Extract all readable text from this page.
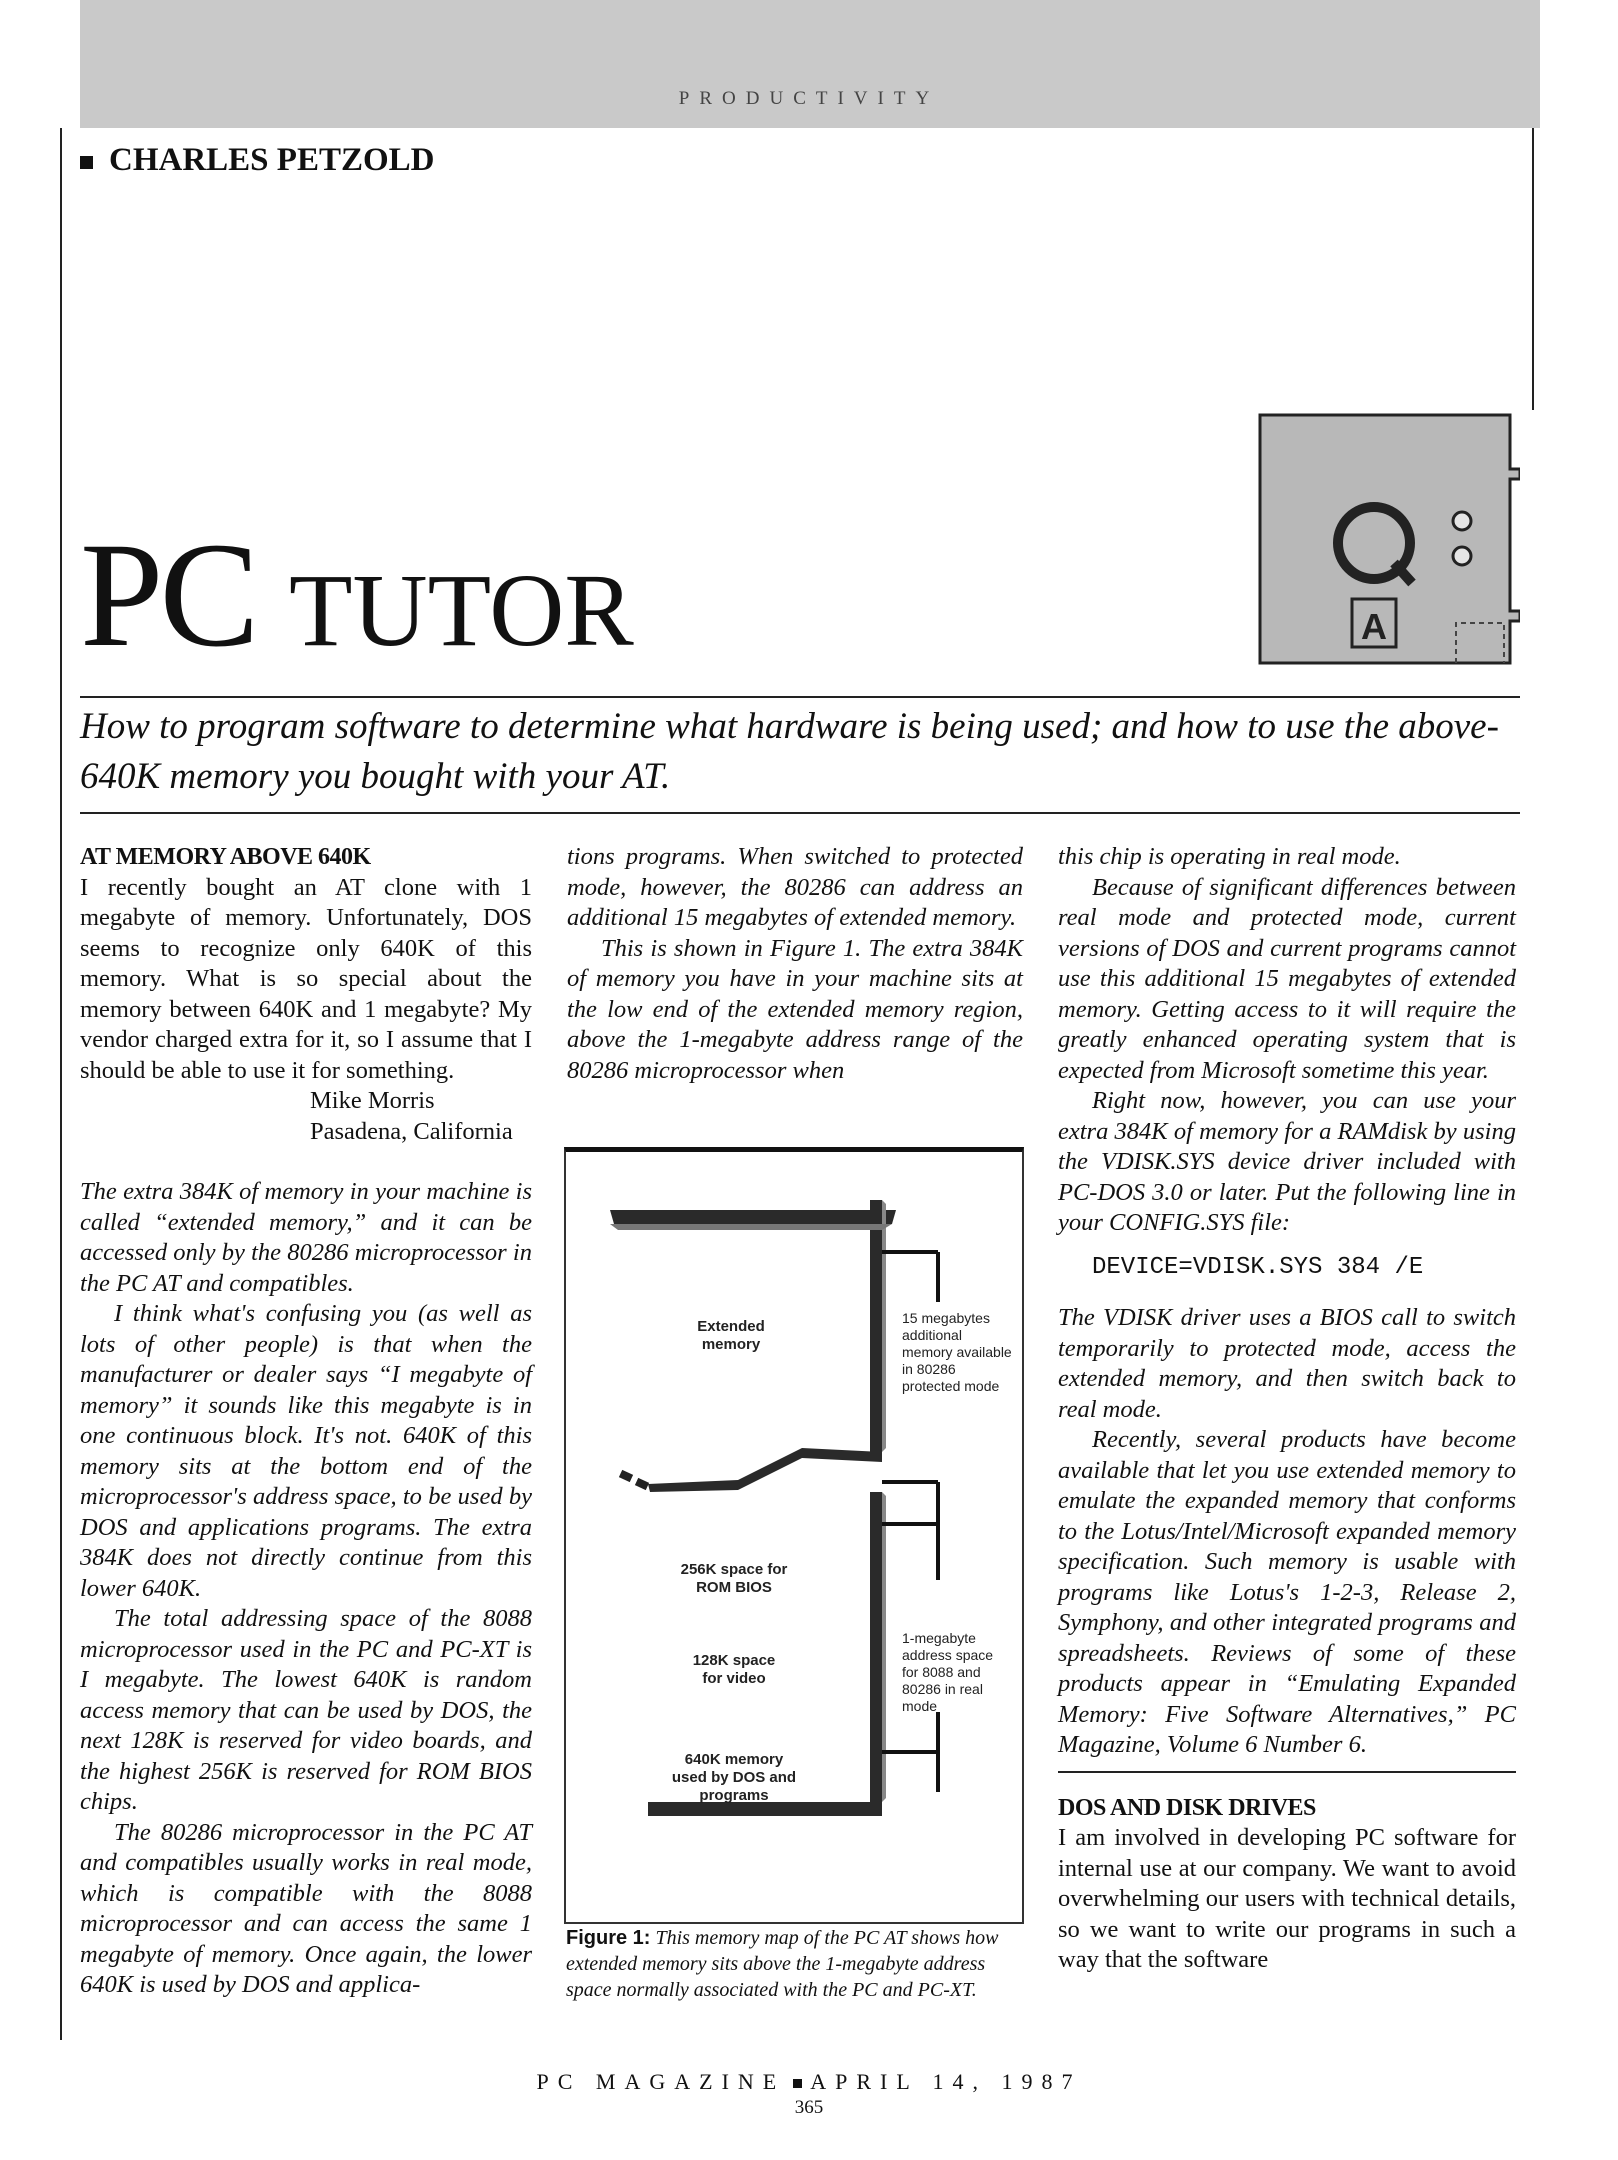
PRODUCTIVITY
CHARLES PETZOLD
PC TUTOR	A
How to program software to determine what hardware is being used; and how to use the above-640K memory you bought with your AT.

AT MEMORY ABOVE 640K

I recently bought an AT clone with 1 megabyte of memory. Unfortunately, DOS seems to recognize only 640K of this memory. What is so special about the memory between 640K and 1 megabyte? My vendor charged extra for it, so I assume that I should be able to use it for something.

Mike Morris

Pasadena, California

The extra 384K of memory in your machine is called “extended memory,” and it can be accessed only by the 80286 microprocessor in the PC AT and compatibles.

I think what's confusing you (as well as lots of other people) is that when the manufacturer or dealer says “I megabyte of memory” it sounds like this megabyte is in one continuous block. It's not. 640K of this memory sits at the bottom end of the microprocessor's address space, to be used by DOS and applications programs. The extra 384K does not directly continue from this lower 640K.

The total addressing space of the 8088 microprocessor used in the PC and PC-XT is I megabyte. The lowest 640K is random access memory that can be used by DOS, the next 128K is reserved for video boards, and the highest 256K is reserved for ROM BIOS chips.

The 80286 microprocessor in the PC AT and compatibles usually works in real mode, which is compatible with the 8088 microprocessor and can access the same 1 megabyte of memory. Once again, the lower 640K is used by DOS and applica-

tions programs. When switched to protected mode, however, the 80286 can address an additional 15 megabytes of extended memory.

This is shown in Figure 1. The extra 384K of memory you have in your machine sits at the low end of the extended memory region, above the 1-megabyte address range of the 80286 microprocessor when

Extended memory
15 megabytes additional memory available in 80286 protected mode
256K space for ROM BIOS
128K space for video
640K memory used by DOS and programs
1-megabyte address space for 8088 and 80286 in real mode
Figure 1: This memory map of the PC AT shows how extended memory sits above the 1-megabyte address space normally associated with the PC and PC-XT.

this chip is operating in real mode.

Because of significant differences between real mode and protected mode, current versions of DOS and current programs cannot use this additional 15 megabytes of extended memory. Getting access to it will require the greatly enhanced operating system that is expected from Microsoft sometime this year.

Right now, however, you can use your extra 384K of memory for a RAMdisk by using the VDISK.SYS device driver included with PC-DOS 3.0 or later. Put the following line in your CONFIG.SYS file:

DEVICE=VDISK.SYS 384 /E

The VDISK driver uses a BIOS call to switch temporarily to protected mode, access the extended memory, and then switch back to real mode.

Recently, several products have become available that let you use extended memory to emulate the expanded memory that conforms to the Lotus/Intel/Microsoft expanded memory specification. Such memory is usable with programs like Lotus's 1-2-3, Release 2, Symphony, and other integrated programs and spreadsheets. Reviews of some of these products appear in “Emulating Expanded Memory: Five Software Alternatives,” PC Magazine, Volume 6 Number 6.

DOS AND DISK DRIVES

I am involved in developing PC software for internal use at our company. We want to avoid overwhelming our users with technical details, so we want to write our programs in such a way that the software

PC MAGAZINE APRIL 14, 1987
365
